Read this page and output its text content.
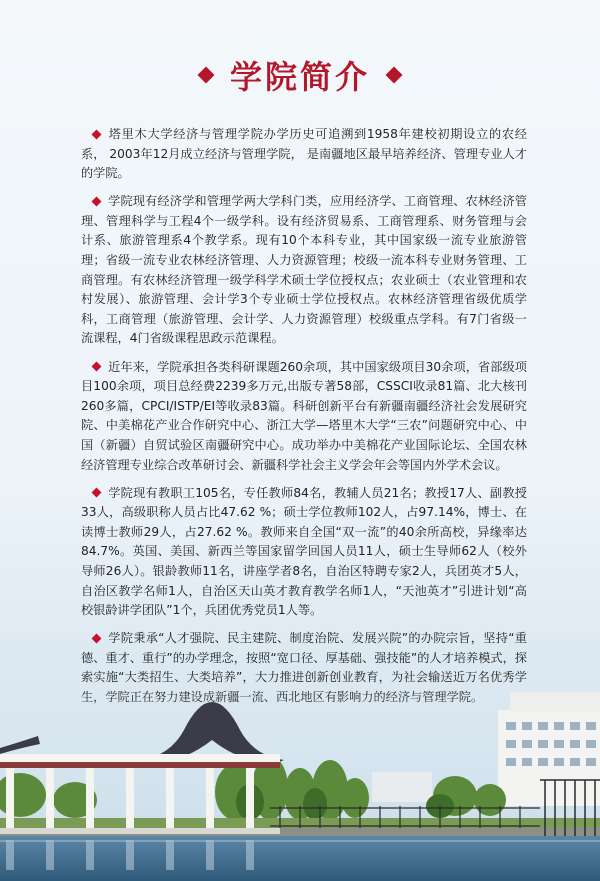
学院简介

塔里木大学经济与管理学院办学历史可追溯到1958年建校初期设立的农经系， 2003年12月成立经济与管理学院， 是南疆地区最早培养经济、管理专业人才的学院。

学院现有经济学和管理学两大学科门类，应用经济学、工商管理、农林经济管理、管理科学与工程4个一级学科。设有经济贸易系、工商管理系、财务管理与会计系、旅游管理系4个教学系。现有10个本科专业，其中国家级一流专业旅游管理；省级一流专业农林经济管理、人力资源管理；校级一流本科专业财务管理、工商管理。有农林经济管理一级学科学术硕士学位授权点；农业硕士（农业管理和农村发展）、旅游管理、会计学3个专业硕士学位授权点。农林经济管理省级优质学科，工商管理（旅游管理、会计学、人力资源管理）校级重点学科。有7门省级一流课程，4门省级课程思政示范课程。

近年来，学院承担各类科研课题260余项，其中国家级项目30余项，省部级项目100余项，项目总经费2239多万元,出版专著58部，CSSCI收录81篇、北大核刊260多篇，CPCI/ISTP/EI等收录83篇。科研创新平台有新疆南疆经济社会发展研究院、中美棉花产业合作研究中心、浙江大学—塔里木大学“三农”问题研究中心、中国（新疆）自贸试验区南疆研究中心。成功举办中美棉花产业国际论坛、全国农林经济管理专业综合改革研讨会、新疆科学社会主义学会年会等国内外学术会议。

学院现有教职工105名，专任教师84名，教辅人员21名；教授17人、副教授33人，高级职称人员占比47.62 %；硕士学位教师102人，占97.14%，博士、在读博士教师29人，占27.62 %。教师来自全国“双一流”的40余所高校，异缘率达84.7%。英国、美国、新西兰等国家留学回国人员11人，硕士生导师62人（校外导师26人）。银龄教师11名，讲座学者8名，自治区特聘专家2人，兵团英才5人，自治区教学名师1人，自治区天山英才教育教学名师1人，“天池英才”引进计划“高校银龄讲学团队”1个，兵团优秀党员1人等。

学院秉承“人才强院、民主建院、制度治院、发展兴院”的办院宗旨，坚持“重德、重才、重行”的办学理念，按照“宽口径、厚基础、强技能”的人才培养模式，探索实施“大类招生、大类培养”，大力推进创新创业教育，为社会输送近万名优秀学
